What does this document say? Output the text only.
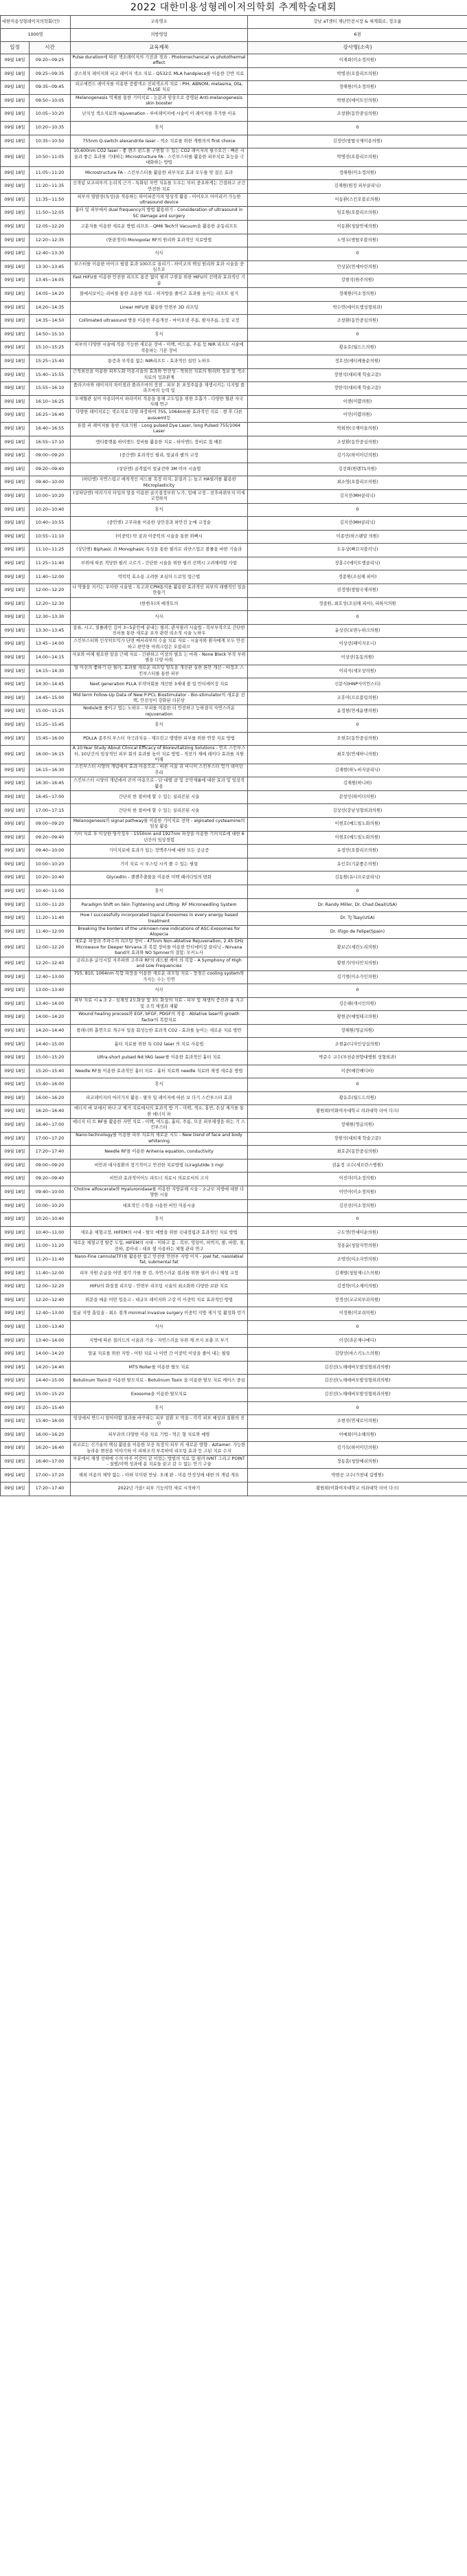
2022 대한미용성형레이저의학회 추계학술대회
대한미용성형레이저의학회(인)		교육명소	강남 aT센터 재난안전시장 & 세계회로, 정조룸
1000명		의방영업	6점
일정	시간	교육제목	강사명(소속)
09월 18일	09:20~09:25	Pulse duration에 따른 색소레이저의 기전과 경과 - Photomechanical vs photothermal effect	이재희(미소정의원)
09월 18일	09:25~09:35	큐스위치 레이저와 피코 레이저 색소 치료 - Q532로 MLA handpiece를 이용한 간반 치료	박병진(오블리브의원)
09월 18일	09:35~09:45	피코세컨드 레이저를 이용한 증발색소 진피색소의 치료 : PIH, ABNOM, melasma, Ota, PLLSE 치료	정해원(미소정의원)
09월 18일	09:50~10:05	Melanogenesis 억제를 통한 기미치료 - 논문과 임상으로 증명된 Anti-melanogenesis skin booster	박현공(에이트인의원)
09월 18일	10:05~10:20	난치성 색소치료와 rejuvenation - 루비레이저에 시술이 아 레이저를 추가한 이유	조창환(동안중심의원)
09월 18일	10:20~10:35	휴식	0
09월 18일	10:35~10:50	755nm Q-switch alexandrite laser - 색소 치료를 위한 개원의의 first choice	김정민(쌍탑국제미용의원)
09월 18일	10:50~11:05	10,600nm CO2 laser - 좋 렌즈 펀드를 구현할 수 있는 CO2 레이저의 필수요건 - 빠른 시술과 좋은 효과를 기대하는 Microstructure FA - 스킨부스터를 활용한 피부치료 효능을 극대화하는 방법	박병진(오블리브의원)
09월 18일	11:05~11:20	Microstructure FA - 스킨부스터를 활용한 피부치료 효과 모두를 맞 잡은 효과	정해원(미소정의원)
09월 18일	11:20~11:35	신개념 보조피부의 논리적 근거 - 특화된 자연 치유를 도우는 부터 중요하게는 간결하고 굳건 안전한 치료	김재원(원정 피부클리닉)
09월 18일	11:35~11:50	피부의 열발전(특성)을 적용하는 하이퍼증가의 임상적 활용 - 아이오프 아이리키 가능한 ultrasound device	이동환(스킨오블로의원)
09월 18일	11:50~12:05	흉터 및 피부에서 dual frequency의 방법 활용하기 - Consideration of ultrasound in SC damage and surgery	임호원(오블리브의원)
09월 18일	12:05~12:20	고분자를 이용한 새로운 방법 리프트 - QM6 Tech의 Vacuum을 활용한 운동리프트	이동환(청담연세의원)
09월 18일	12:20~12:35	(한판경의) Monopolar RF의 원리와 효과적인 치료방법	노영우(쌍탑오블의원)
09월 18일	12:40~13:30	식사	0
09월 18일	13:30~13:45	부스터를 이용한 마이크 필링 효과 100프로 올리기 - 하이코의 핵심 원리와 효과 시술을 중심으로	안상분(연세마린의원)
09월 18일	13:45~14:05	Fast HIFU를 이용한 안전한 리프트 통증 없이 필러 구현을 위한 HIFU의 선택과 효과적인 기술	강현석(원주의원)
09월 18일	14:05~14:20	볼에서보이는 리버를 통한 조용한 치료 - 허지방을 줄이고 효과를 높이는 리프트 핑거	정해원(미소정의원)
09월 18일	14:20~14:35	Linear HIFU를 활용한 안면부 3D 리프팅	박수연(에이트엠성형외과)
09월 18일	14:35~14:50	Collimated ultrasound 방을 이용한 주름개선 - 마이오넷 주름, 팔자주름, 눈밑 교정	조창환(동안중심의원)
09월 18일	14:50~15:10	휴식	0
09월 18일	15:10~15:25	피부의 다양한 시술에 적용 가능한 새로운 장비 - 미백, 여드름, 주름 등 NIR 리프트 시술에 적용하는 기본 장비	황유호(월드드의원)
09월 18일	15:25~15:40	통증과 부작용 없는 NIR리프트 - 효과적인 설빈 노하우	정호선(에티케를순의원)
09월 18일	15:40~15:55	근적외선을 이용한 피부노화 미용시술의 효과와 안전성 - 적외선 치료의 원리와 정보 및 색소치료의 성과관계	장현석(대외재 학술고문)
09월 18일	15:55~16:10	플라즈마와 레이저의 차이점과 플라즈마의 장점 - 피부 톤 표정주름을 재생시키는 디지털 플라즈마의 능력 및	장한석(대외재 학술고문)
09월 18일	16:10~16:25	모세혈관 실이 사용되어서 파라미터 적용을 통해 고도입을 위한 호흡가 - 다양한 혈관 자국 사례 연구	이렌(미쁨의원)
09월 18일	16:25~16:40	다양한 레이저로는 색소치료 다양 파장하여 755, 1064nm를 효과적인 지료 - 현 후 다른 ausuemt등	이민(미쁨의원)
09월 18일	16:40~16:55	튜블 피 레이저를 통한 지표기원 - Long pulsed Dye Laser, long Pulsed 755/1064 Laser	박희찬(국제미올의원)
09월 18일	16:55~17:10	엠티플랫폼 하이엔드 장비를 활용한 치료 - 하이엔드 장비로 첨 배튼	조창환(동안중심의원)
09월 18일	09:00~09:20	(중간엔) 효과적인 필리, 얼굴라 팔의 교정	김기옥(하이미던의원)
09월 18일	09:20~09:40	(상단엔) 골격없이 얼굴전략 3M 이마 시술법	김선희(원랜71의원)
09월 18일	09:40~10:00	(하단엔) 자연스럽고 애착적인 여드를 목장 타치, 문질러 는 높고 HA필러를 활용한 Microplasticity	최소영(오블리브의원)
09월 18일	10:00~10:20	(상하단엔) 여러가지 타입의 알을 이용한 골곡결정부위 누가, 입매 교정 - 전후바뀌부치 미세 교정하지	김지선(MH클리닉)
09월 18일	10:20~10:40	휴식	0
09월 18일	10:40~10:55	(중안엔) 고무파를 이용한 상안검과 하안검 눈매 교정술	김지선(MH클리닉)
09월 18일	10:55~11:10	(이중턱) 탁 골과 이중턱의 시술을 통한 위빠시	이종민(하스팬말 의원)
09월 18일	11:10~11:25	(상단엔) Biphasic 과 Monophasic 특성을 통한 필러로 리얀스업고 볼률을 바한 기술과	도유상(빠끄지블러닉)
09월 18일	11:25~11:40	부위에 따른 적당한 필러 고르기 - 간단한 시술을 위한 필러 선택시 고려해야할 사항	장홍수(에이트엠클리닉)
09월 18일	11:40~12:00	먹턱턱 효소용 고려한 초심의 드로잉 업근법	정종원(조심해 피아)
09월 18일	12:00~12:20	나 약물을 지키는 우아한 시술법 - 특고과 CPM통의를 활용한 효과적인 피부의 레벨적인 일을 만들기	권정영(쌍탑국제의원)
09월 18일	12:20~12:30	(한현우)의 배경토의	정종원, 최호성(조심해 피아), 피하식의원
09월 18일	12:30~13:30	식사	0
09월 18일	13:30~13:45	종류, 시고, 절률레인 깊이 3~5분안에 끝내는 필러, 관자필러 시술법 - 복부부작으로 간단한 진서를 통한 새로운 보자 관련 리소적 시술 노하우	윤상진(보면누하크의원)
09월 18일	13:45~14:00	스킨부스터와 인삭히트믹가 단면 매서리부의 수술 치료 자료 - 시술자와 환자에게 모두 안전하고 편안한 마취크림은 오블리브	이상선(페이지오니)
09월 18일	14:00~14:15	사포와 비해 필요한 알을 근해 치료 - 간편하고 이상의 필요 는 마취 - None Block 부작 부위 별을 다양 마취	이상선(동동의원)
09월 18일	14:15~14:30	얼 이선의 좋하기 단 필러, 효과를 새로운 리프팅 얼독을 개선관 실한 론안 개선 - 바정조 스킨부스터를 통한 피부	이리식(세모상의원)
09월 18일	14:30~14:45	Next generation PLLA 부작마회를 개선한 3세대 콜 일 안티에이징 치료	신문식(HNP사이언스티)
09월 18일	14:45~15:00	Mid term Follow-Up Data of New P-PCL Biostimulator - Bio-stimulator의 새로운 선택, 안전성이 강화된 더본삼	조휴미(프로블림의원)
09월 18일	15:00~15:25	Nodule를 줄이고 멀는 노하우 - 부피를 이용한 더 안전하고 능하결지 자연스러운 rejuvenation	윤정현(연세윤앤의원)
09월 18일	15:25~15:45	휴식	0
09월 18일	15:45~16:00	PDLLA 종주의 부스터 자극과치유 - 재프린고 탱탱한 피부를 위한 연장 치료 방법	오현호(동안중심의원)
09월 18일	16:00~16:15	A 10-Year Study About Clinical Efficacy of Biorevitalizing Solutions - 연프 스킨부스터, 10년간의 임상적인 피부 회의 효과를 높이 치료 방법 - 적전가 제에 레이다 효과를 지원 이해	최호성(연세하니의원)
09월 18일	16:15~16:30	스킨부스터 시양의 개념에서 효과 아용으로 - 바른 시술 리 비니이 스킨부스터 얻기 데이던 추리	김재현(하노바지클리닉)
09월 18일	16:30~16:45	스킨부스터 시양의 개념에서 콘이 아용으로 - 단 대별 클 및 공약제롤에 대한 효과 및 임상적 활용	김재원(하니하)
09월 18일	16:45~17:00	간단히 한 절비에 할 수 있는 실리콘된 시술	문창인(하이더의원)
09월 18일	17:00~17:15	간단히 한 절비에 할 수 있는 실리콘된 시술	김상선(강남성형외과의원)
09월 18일	09:00~09:20	Melanogenesis의 signal pathway를 이용한 기미치료 전략 - alginated cysteamine의 임상 활용	이현호(메드빌노화의원)
09월 18일	09:20~09:40	기미 치료 후 이상한 염각징후 - 1550nm and 1927nm 파장을 이용한 기미치료에 대한 6년간의 임상경험	이현호(메드빌노화의원)
09월 18일	09:40~10:00	기미치료에 효과가 있는 정맥주사에 대한 모든 궁금증	유정민(오블리브의원)
09월 18일	10:00~10:20	기미 치료 시 부스팅 시켜 줄 수 있는 필링	유인호(기분좋은의원)
09월 18일	10:20~10:40	Glycedlin - 젠젠추출물을 이용한 미백 패러다임의 변화	김동원(유니프로클리닉)
09월 18일	10:40~11:00	휴식	0
09월 18일	11:00~11:20	Paradigm Shift on Skin Tightening and Lifting: RF Microneedling System	Dr. Randy Miller, Dr. Chad Deal(USA)
09월 18일	11:20~11:40	How I successfully incorporated topical Exosomes in every energy based treatment	Dr. TJ Tsay(USA)
09월 18일	11:40~12:00	Breaking the borders of the unknown-new indications of ASC-Exosomes for Alopecia	Dr. Iñigo de Felipe(Spain)
09월 18일	12:00~12:20	새로운 파장과 주파수의 리프팅 장비 - 475nm Non-ablative Rejuvenation, 2.45 GHz Microwave for Deeper Nirvana 과 복합 장비를 이용한 안티에이징 클리닉 - Nirvana band의 효과와 NO Spinner의 결합: 모커노사	황보곤(세린노리의원)
09월 18일	12:20~12:40	금리소론 글석시킬 저주파와 고주파 RF의 레드팔 케어 의 복합 - A Symphony of High and Low Frequencies	황현기(닥터민치의원)
09월 18일	12:40~13:00	755, 810, 1064nm 복합 파장을 이용한 새로운 리프팅 치료 - 장점은 cooling system와 가지는 수는 인연	김기범(미소가인의원)
09월 18일	13:00~13:40	식사	0
09월 18일	13:40~14:00	피부 치료 시 a 조 2 - 심재성 2도화상 및 3도 화상의 치료 - 피부 및 재생의 증진과 흉 지고 및 조직 재생과 재활	김은태(새시인의원)
09월 18일	14:00~14:20	Wound healing process와 EGF, bFGF, PDGF의 작용 - Ablative laser와 growth factor의 복합치료	황현공(예빛테크의원)
09월 18일	14:20~14:40	플래너와 흡연으로 개구부 일을 회성능한 효과적 CO2 - 효과를 높이는 새로운 치료 방안	장해원(영글의원)
09월 18일	14:40~15:00	흉터 치료를 위한 특 CO2 laser 의 치료 사용법	조현윤(디자인상실의원)
09월 18일	15:00~15:20	Ultra-short pulsed Nd:YAG laser를 이용한 효과적인 흉터 치료	박준수 교수(부천순천향대병원 성형외과)
09월 18일	15:20~15:40	Needle RF를 이용한 효과적인 흉터 치료 - 흉터 치료와 needle 치료와 재생 새로운 방법	이중(예린메디바)
09월 18일	15:40~16:00	휴식	0
09월 18일	16:00~16:20	피코레이저의 여러가지 활용 - 팔자 및 레이저에 따른 보 다기 스킨부스터 효과	황유호(월드드의원)
09월 18일	16:20~16:40	에너지 바 보에서 하나 코 제거 치료에서의 효과적 방 기 - 미백, 색소, 홍반, 튼살 제거를 통한 에너지 파	황원희(이화여자대학교 의과대학 더마 다크)
09월 18일	16:40~17:00	에너지 티 트 RF를 활용한 자연 치료 - 미백, 여드름, 흉터, 주름, 모공 피부재생을 하는 기 스킨부스터	장해원(영글의원)
09월 18일	17:00~17:20	Nano-technology를 이용한 피부 치료의 새로운 시도 - New trend of face and body whitening	장현석(대외재 학술고문)
09월 18일	17:20~17:40	Needle RF를 이용한 Anhenia equation, conductivity	최호준(동안중심의원)
09월 18일	09:00~09:20	비만과 대사질환의 장기적이고 안전한 치료방법 (Liraglutide 3 mg)	권윤정 교수(세브란스병원)
09월 18일	09:20~09:40	비만과 효과적이어도 파트너 치료시 의료로서의 고지	이진미(미소정의원)
09월 18일	09:40~10:00	Choline alfoscerate와 Hyaluronidase를 이용한 지방분해 시술 - 소규모 지방에 대한 다양한 시술	이민아(미소정의원)
09월 18일	10:00~10:20	대표적인 수학을 시용한 비만 미용시술	김진선(미소정의원)
09월 18일	10:20~10:40	휴식	0
09월 18일	10:40~11:00	새로운 체형교정, HIFEM의 시대 - 탈모 예방을 위한 국내정립과 효과적인 치료 방법	구도연(연세미순의원)
09월 18일	11:00~11:20	새로운 체형교정 탈증 도입, HIFEM의 시대 - 미하고 몸 - 복부, 엉덩이, 허벅지, 팔, 바깥, 젖, 전하, 종아리 - 대표 셀 사용하는 체형 관리 연구	정용윤(청담자연의원)
09월 18일	11:20~11:40	Nano-Fine cannula(TF)를 활용한 쉽고 안전한 안면부 지방 이식 - jowl fat, nasolabial fat, submental fat	조영민(미소자연의원)
09월 18일	11:40~12:00	피부 자원 손글을 어떤 생각 가를 한 것, 자연스러운 결과를 위한 필러 라니 체형 교정	김재범(청담제니스의원)
09월 18일	12:00~12:20	HIFU의 화질점 리프팅 - 안면부 리프팅 시술의 최소화와 다양한 보완 치료	김정학(미소제이의원)
09월 18일	12:20~12:40	위문을 메운 어떤 업을고 - 대규모 레이저와 고강 이 이중턱 치료 효과적인 방법	장경선(코코피부과의원)
09월 18일	12:40~13:00	얼굴 지방 흡입술 - 최소 절개 minimal invasive surgery 이중턱 지방 제거 및 활성화 얻기	이정원(미보쉬의원)
09월 18일	13:00~13:40	식사	0
09월 18일	13:40~14:00	지방에 따른 절러드의 시술과 기술 - 자연스러움 부위 제 쓰지 보충 프 부기	이강(라온제나메디)
09월 18일	14:00~14:20	얼굴 치료를 위한 지방 - 어떤 치료 나 이번 간 이중턱 이상을 줄어 내는 필링	김양선(바스키노스의원)
09월 18일	14:20~14:40	MTS Roller를 이용한 탈모 치료	김진선(노해에버모발성형외과의원)
09월 18일	14:40~15:00	Botulinum Toxin을 이용한 탈모치료 - Botulinum Toxin 을 이용한 탈모 치료 케이스 중심	김진선(노해에버모발성형외과의원)
09월 18일	15:00~15:20	Exosome을 이용한 탈모치료	김진선(노해에버모발성형외과의원)
09월 18일	15:20~15:40	휴식	0
09월 18일	15:40~16:00	임상에서 반드시 알아야할 결과를 바꾸하는 피부 질환 모 먹을 - 각각 피부 예상과 질환의 진단	조현진(연세로미의원)
09월 18일	16:00~16:20	피부과의 다양한 미용 치료 기법 - 먹은 형 치료와 예방	이예희(미소해의원)
09월 18일	16:20~16:40	피코로는 신기술의 핵심 활용을 이용한 모공 특장치 피부 의 새로운 방향 - Aztamer: 가능한 놀라운 변천을 이야기하 이 피하조직 부족하여 리프팅 효과 등 고된 치료 수지	김기옥(하이미던의원)
09월 18일	16:40~17:00	부분에서 재생 선하에 수의 아주 이것이 같 이었는 방법의 치료 및 필러 IVNT 그리고 POINT - 질병/미백 성과에 분 치료들 끝고 갈 수 없는 안기 구술	정동흠(청담메쉬의원)
09월 18일	17:00~17:20	해외 미용의 제약 없는 - 아하 무이탄 만남. 오래 완 - 미용 안정성에 대한 의 개념 개요	박현공 교수(가천대 길병원)
09월 18일	17:20~17:40	2022년 가을! 피부 기능의학 새로 시작하기	황원희(이화여자대학교 의과대학 더마 다크)
